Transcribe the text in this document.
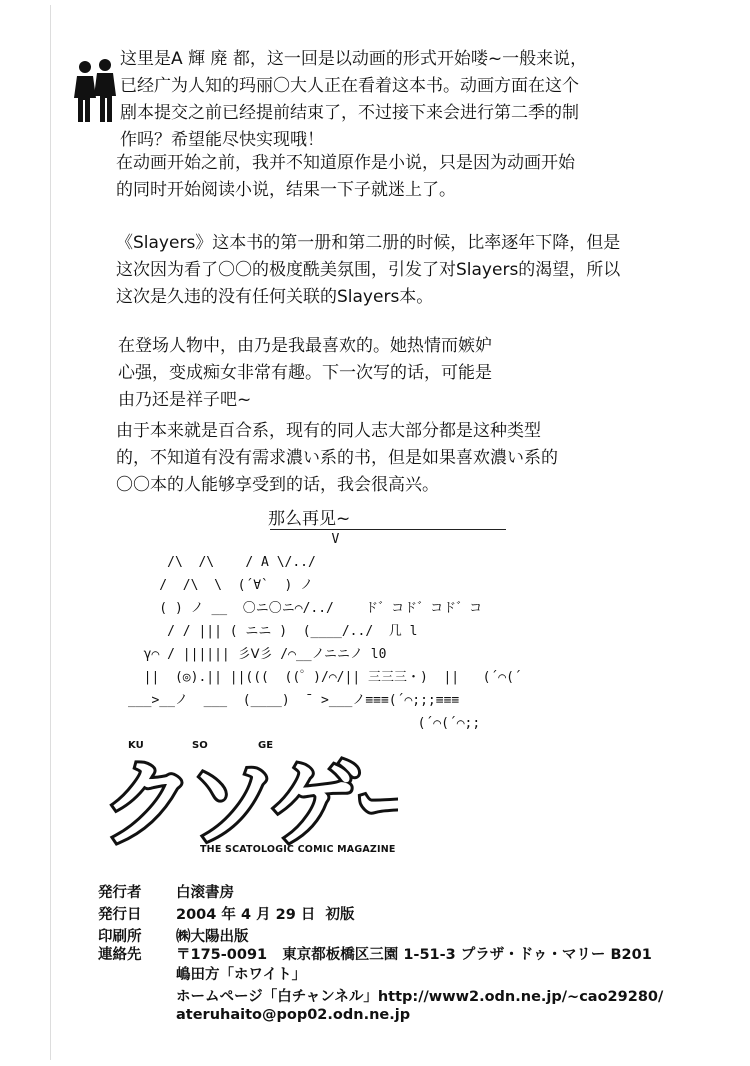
这里是A 輝 廃 都，这一回是以动画的形式开始喽~一般来说，
已经广为人知的玛丽〇大人正在看着这本书。动画方面在这个
剧本提交之前已经提前结束了，不过接下来会进行第二季的制
作吗？希望能尽快实现哦！
在动画开始之前，我并不知道原作是小说，只是因为动画开始
的同时开始阅读小说，结果一下子就迷上了。
《Slayers》这本书的第一册和第二册的时候，比率逐年下降，但是
这次因为看了〇〇的极度酰美氛围，引发了对Slayers的渴望，所以
这次是久违的没有任何关联的Slayers本。
在登场人物中，由乃是我最喜欢的。她热情而嫉妒
心强，变成痴女非常有趣。下一次写的话，可能是
由乃还是祥子吧~
由于本来就是百合系，现有的同人志大部分都是这种类型
的，不知道有没有需求濃い系的书，但是如果喜欢濃い系的
〇〇本的人能够享受到的话，我会很高兴。
那么再见~
V
/\  /\    / A \/../
/  /\  \  (´∀`  ) ノ
( ) ノ __  〇ニ〇ニ⌒/../    ド゛コド゛コド゛コ
/ / ||| ( ニニ )  (____/../  几 l
γ⌒ / |||||| 彡Ⅴ彡 /⌒__ノニニノ l0
||  (◎).|| ||(((  ((゜)/⌒/|| 三三三・)  ||   (´⌒(´
___>__ノ  ___  (____)  ̄  >___ノ≡≡≡(´⌒;;;≡≡≡
(´⌒(´⌒;;
クソゲ
KU	SO	GE
THE SCATOLOGIC COMIC MAGAZINE
発行者 白滚書房
発行日 2004 年 4 月 29 日  初版
印刷所 ㈱大陽出版
連絡先 〒175-0091   東京都板橋区三園 1-51-3 プラザ・ドゥ・マリー B201
嶋田方「ホワイト」
ホームページ「白チャンネル」http://www2.odn.ne.jp/~cao29280/
ateruhaito@pop02.odn.ne.jp
